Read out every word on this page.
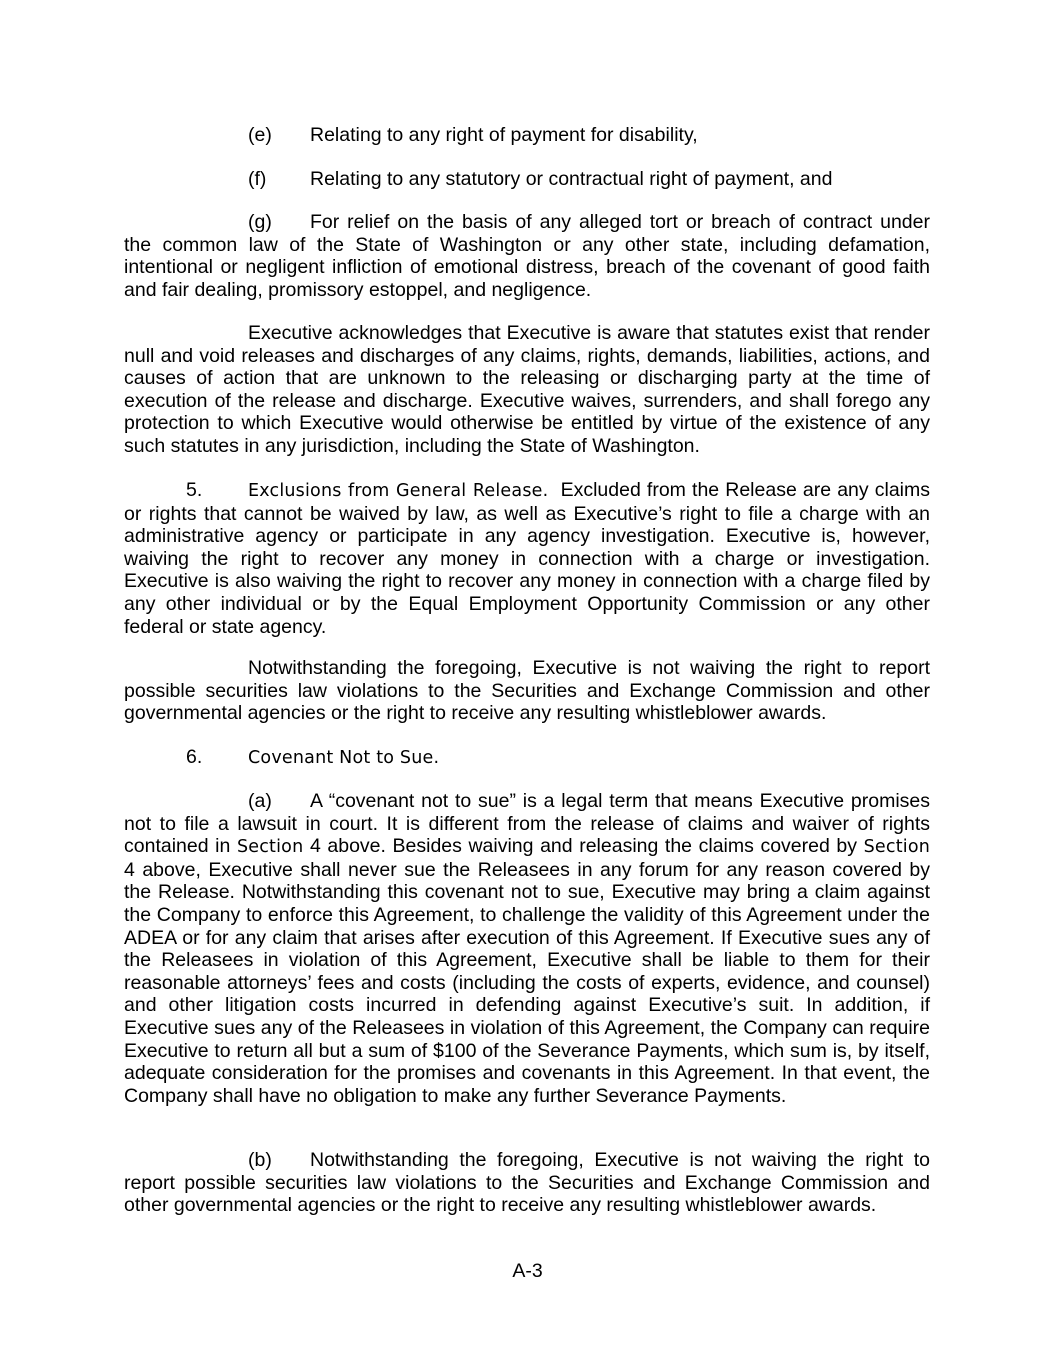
(e) Relating to any right of payment for disability,

(f) Relating to any statutory or contractual right of payment, and

(g) For relief on the basis of any alleged tort or breach of contract under the common law of the State of Washington or any other state, including defamation, intentional or negligent infliction of emotional distress, breach of the covenant of good faith and fair dealing, promissory estoppel, and negligence.

Executive acknowledges that Executive is aware that statutes exist that render null and void releases and discharges of any claims, rights, demands, liabilities, actions, and causes of action that are unknown to the releasing or discharging party at the time of execution of the release and discharge. Executive waives, surrenders, and shall forego any protection to which Executive would otherwise be entitled by virtue of the existence of any such statutes in any jurisdiction, including the State of Washington.

5.	Exclusions from General Release. Excluded from the Release are any claims or rights that cannot be waived by law, as well as Executive’s right to file a charge with an administrative agency or participate in any agency investigation. Executive is, however, waiving the right to recover any money in connection with a charge or investigation. Executive is also waiving the right to recover any money in connection with a charge filed by any other individual or by the Equal Employment Opportunity Commission or any other federal or state agency.

Notwithstanding the foregoing, Executive is not waiving the right to report possible securities law violations to the Securities and Exchange Commission and other governmental agencies or the right to receive any resulting whistleblower awards.

6.	Covenant Not to Sue.

(a) A “covenant not to sue” is a legal term that means Executive promises not to file a lawsuit in court. It is different from the release of claims and waiver of rights contained in Section 4 above. Besides waiving and releasing the claims covered by Section 4 above, Executive shall never sue the Releasees in any forum for any reason covered by the Release. Notwithstanding this covenant not to sue, Executive may bring a claim against the Company to enforce this Agreement, to challenge the validity of this Agreement under the ADEA or for any claim that arises after execution of this Agreement. If Executive sues any of the Releasees in violation of this Agreement, Executive shall be liable to them for their reasonable attorneys’ fees and costs (including the costs of experts, evidence, and counsel) and other litigation costs incurred in defending against Executive’s suit. In addition, if Executive sues any of the Releasees in violation of this Agreement, the Company can require Executive to return all but a sum of $100 of the Severance Payments, which sum is, by itself, adequate consideration for the promises and covenants in this Agreement. In that event, the Company shall have no obligation to make any further Severance Payments.

(b) Notwithstanding the foregoing, Executive is not waiving the right to report possible securities law violations to the Securities and Exchange Commission and other governmental agencies or the right to receive any resulting whistleblower awards.

A-3
